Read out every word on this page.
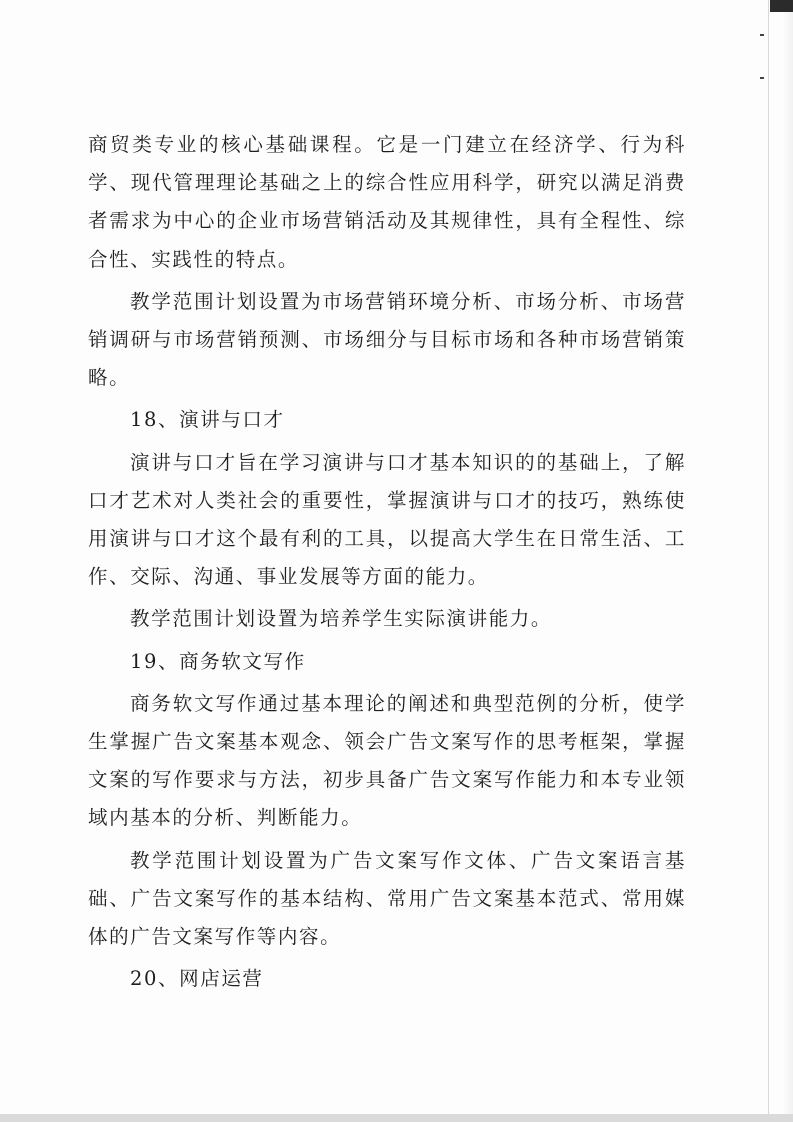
商贸类专业的核心基础课程。它是一门建立在经济学、行为科学、现代管理理论基础之上的综合性应用科学，研究以满足消费者需求为中心的企业市场营销活动及其规律性，具有全程性、综合性、实践性的特点。

教学范围计划设置为市场营销环境分析、市场分析、市场营销调研与市场营销预测、市场细分与目标市场和各种市场营销策略。

18、演讲与口才

演讲与口才旨在学习演讲与口才基本知识的的基础上，了解口才艺术对人类社会的重要性，掌握演讲与口才的技巧，熟练使用演讲与口才这个最有利的工具，以提高大学生在日常生活、工作、交际、沟通、事业发展等方面的能力。

教学范围计划设置为培养学生实际演讲能力。

19、商务软文写作

商务软文写作通过基本理论的阐述和典型范例的分析，使学生掌握广告文案基本观念、领会广告文案写作的思考框架，掌握文案的写作要求与方法，初步具备广告文案写作能力和本专业领域内基本的分析、判断能力。

教学范围计划设置为广告文案写作文体、广告文案语言基础、广告文案写作的基本结构、常用广告文案基本范式、常用媒体的广告文案写作等内容。

20、网店运营
